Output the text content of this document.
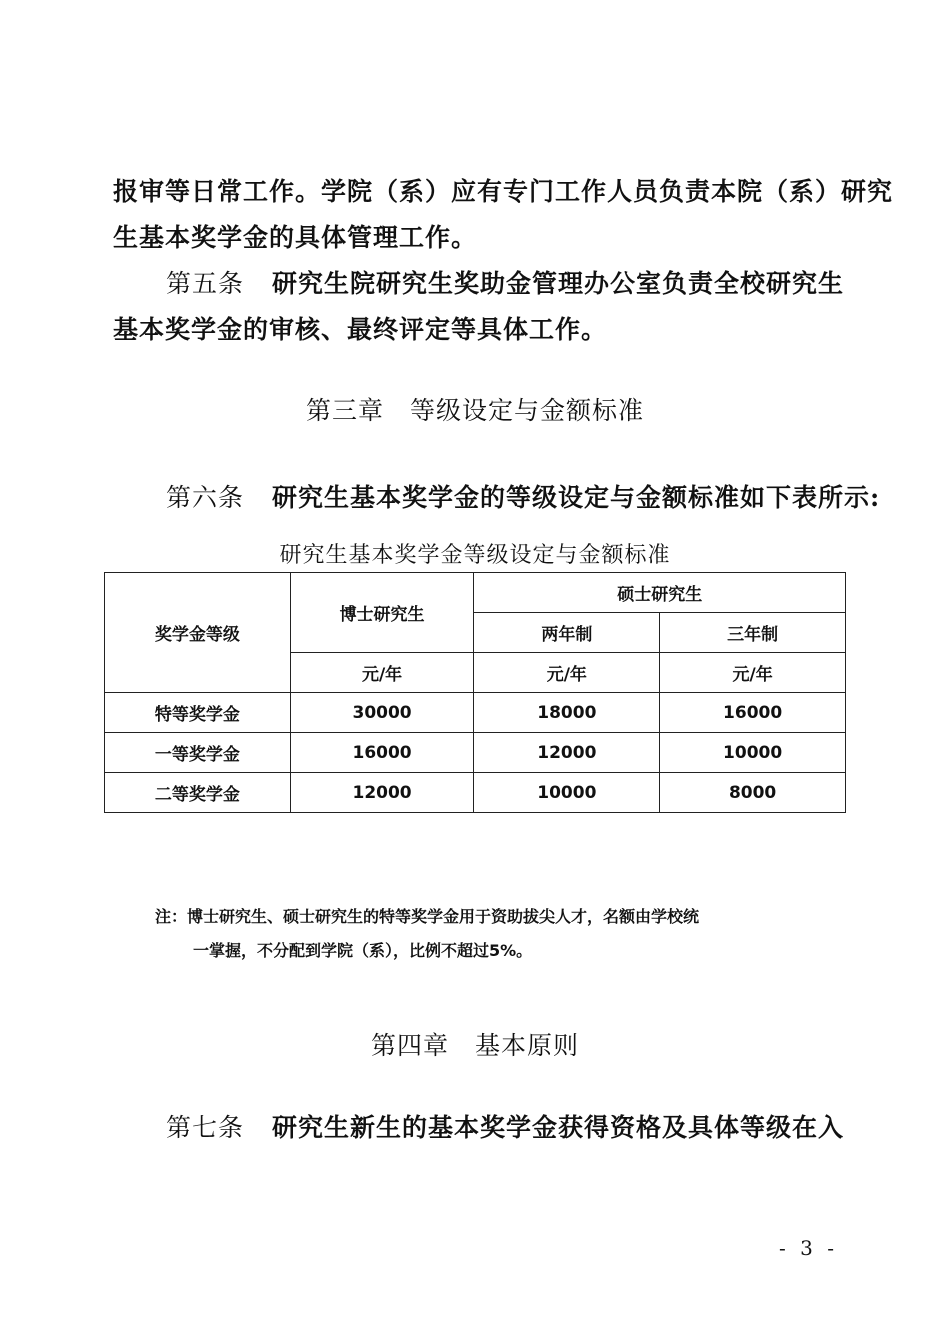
报审等日常工作。学院（系）应有专门工作人员负责本院（系）研究
生基本奖学金的具体管理工作。
第五条 研究生院研究生奖助金管理办公室负责全校研究生
基本奖学金的审核、最终评定等具体工作。
第三章　等级设定与金额标准
第六条 研究生基本奖学金的等级设定与金额标准如下表所示:
研究生基本奖学金等级设定与金额标准
奖学金等级	博士研究生	硕士研究生	
		两年制	三年制
	元/年	元/年	元/年
特等奖学金	30000	18000	16000
一等奖学金	16000	12000	10000
二等奖学金	12000	10000	8000
注：博士研究生、硕士研究生的特等奖学金用于资助拔尖人才，名额由学校统
一掌握，不分配到学院（系），比例不超过5%。
第四章　基本原则
第七条 研究生新生的基本奖学金获得资格及具体等级在入
- 3 -
